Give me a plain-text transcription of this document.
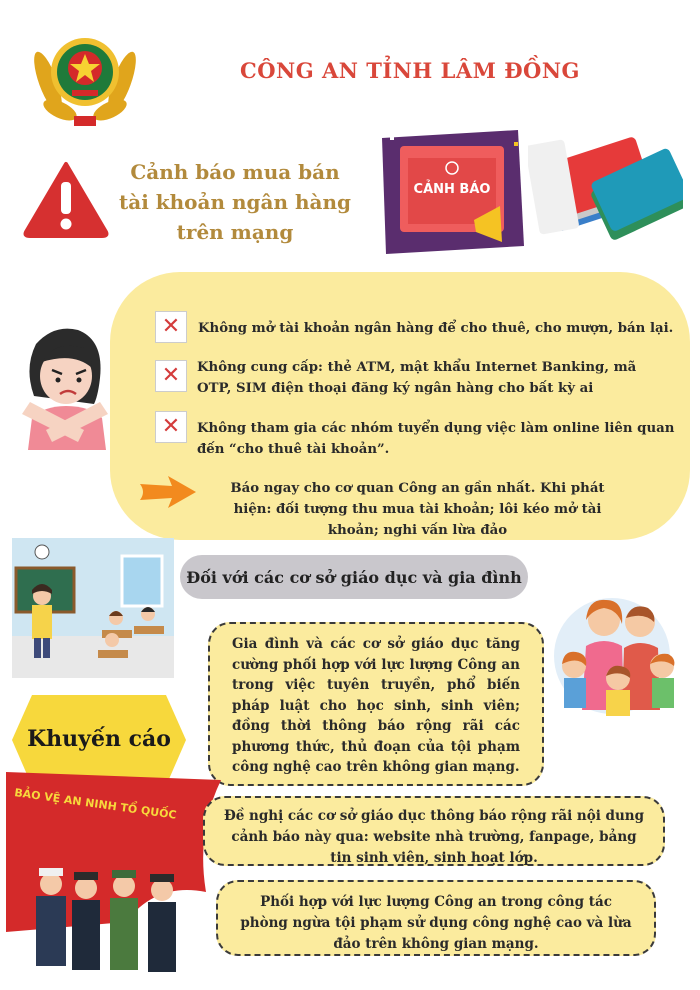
CÔNG AN TỈNH LÂM ĐỒNG
Cảnh báo mua bán
tài khoản ngân hàng
trên mạng
CẢNH BÁO
✕	Không mở tài khoản ngân hàng để cho thuê, cho mượn, bán lại.
✕	Không cung cấp: thẻ ATM, mật khẩu Internet Banking, mã OTP, SIM điện thoại đăng ký ngân hàng cho bất kỳ ai
✕	Không tham gia các nhóm tuyển dụng việc làm online liên quan đến “cho thuê tài khoản”.
Báo ngay cho cơ quan Công an gần nhất. Khi phát hiện: đối tượng thu mua tài khoản; lôi kéo mở tài khoản; nghi vấn lừa đảo
Đối với các cơ sở giáo dục và gia đình
Gia đình và các cơ sở giáo dục tăng
cường phối hợp với lực lượng Công an
trong việc tuyên truyền, phổ biến
pháp luật cho học sinh, sinh viên;
đồng thời thông báo rộng rãi các
phương thức, thủ đoạn của tội phạm
công nghệ cao trên không gian mạng.
Khuyến cáo
BẢO VỆ AN NINH TỔ QUỐC	Đề nghị các cơ sở giáo dục thông báo rộng rãi nội dung cảnh báo này qua: website nhà trường, fanpage, bảng tin sinh viên, sinh hoạt lớp.
Phối hợp với lực lượng Công an trong công tác phòng ngừa tội phạm sử dụng công nghệ cao và lừa đảo trên không gian mạng.
